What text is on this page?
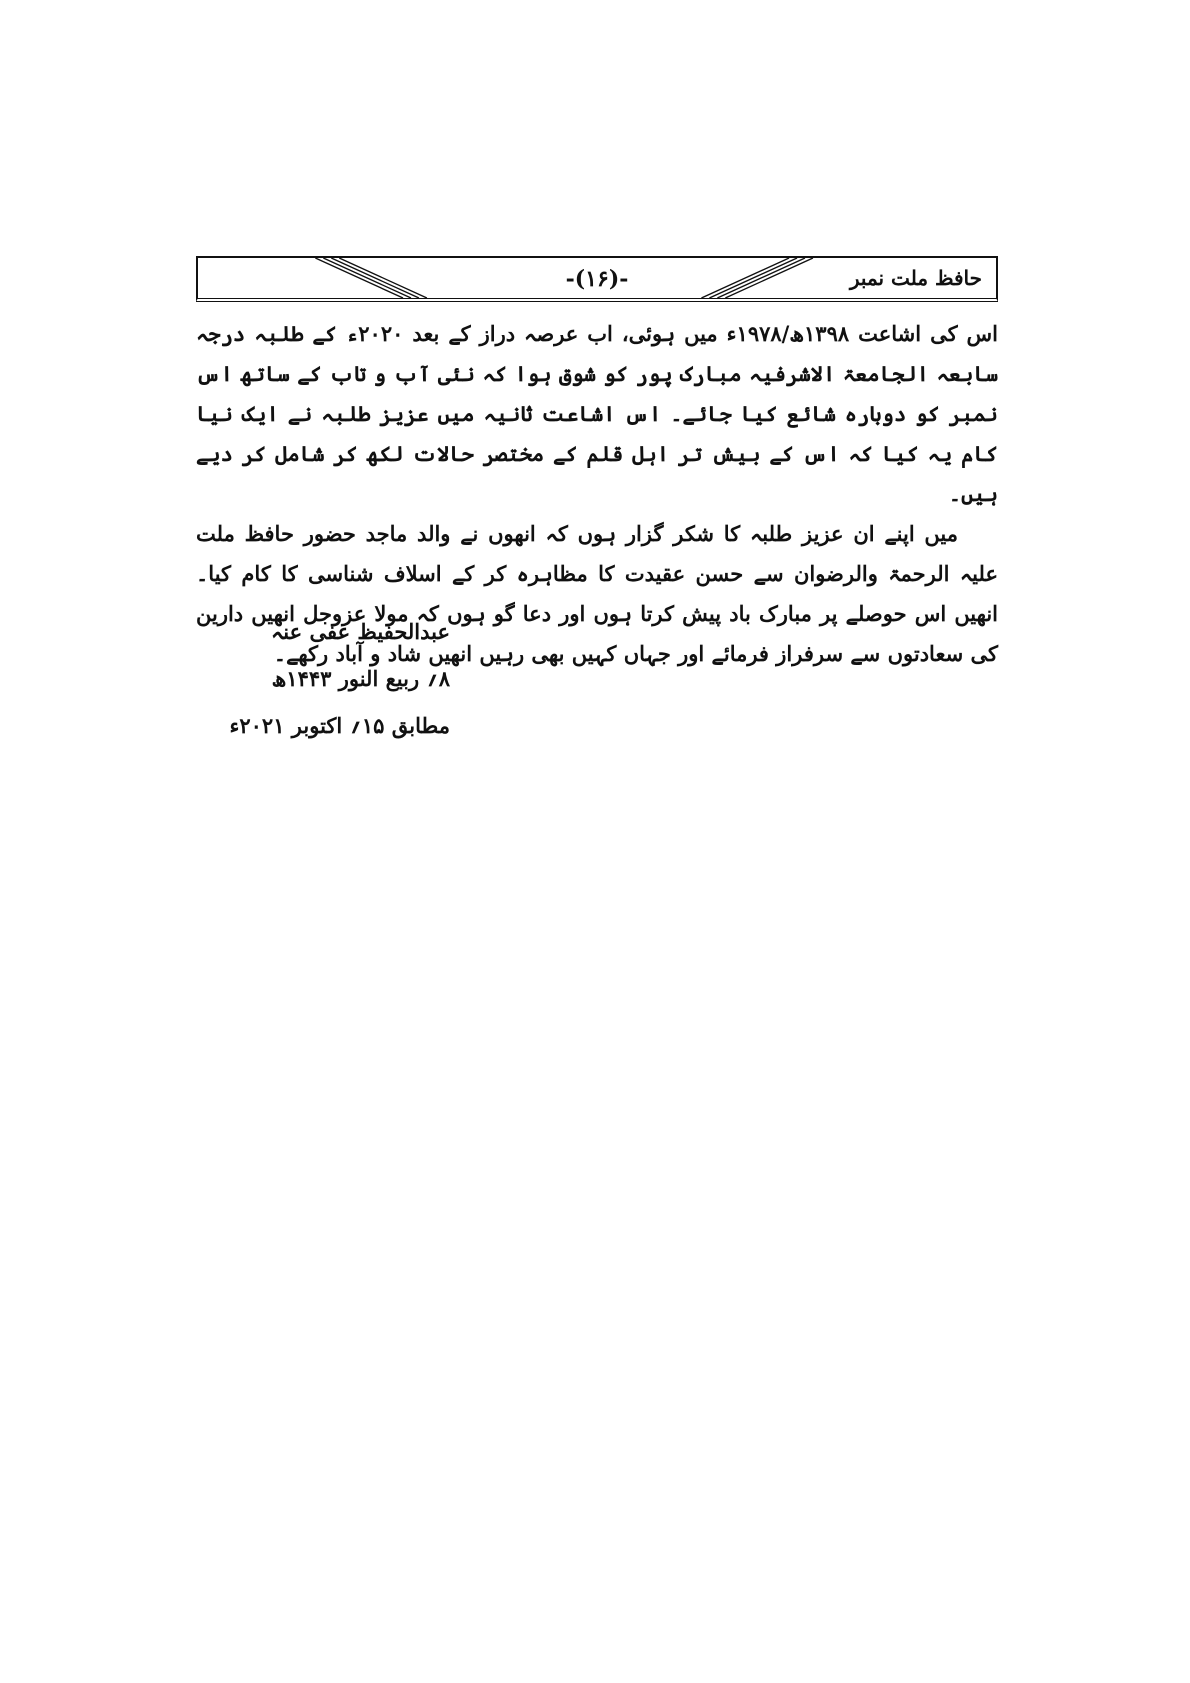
حافظ ملت نمبر
-(۱۶)-

اس کی اشاعت ۱۳۹۸ھ/۱۹۷۸ء میں ہوئی، اب عرصہ دراز کے بعد ۲۰۲۰ء کے طلبہ درجہ سابعہ الجامعۃ الاشرفیہ مبارک پور کو شوق ہوا کہ نئی آب و تاب کے ساتھ اس نمبر کو دوبارہ شائع کیا جائے۔ اس اشاعت ثانیہ میں عزیز طلبہ نے ایک نیا کام یہ کیا کہ اس کے بیش تر اہل قلم کے مختصر حالات لکھ کر شامل کر دیے ہیں۔

میں اپنے ان عزیز طلبہ کا شکر گزار ہوں کہ انھوں نے والد ماجد حضور حافظ ملت علیہ الرحمۃ والرضوان سے حسن عقیدت کا مظاہرہ کر کے اسلاف شناسی کا کام کیا۔ انھیں اس حوصلے پر مبارک باد پیش کرتا ہوں اور دعا گو ہوں کہ مولا عزوجل انھیں دارین کی سعادتوں سے سرفراز فرمائے اور جہاں کہیں بھی رہیں انھیں شاد و آباد رکھے۔

عبدالحفیظ عفی عنہ
۸؍ ربیع النور ۱۴۴۳ھ
مطابق ۱۵؍ اکتوبر ۲۰۲۱ء
